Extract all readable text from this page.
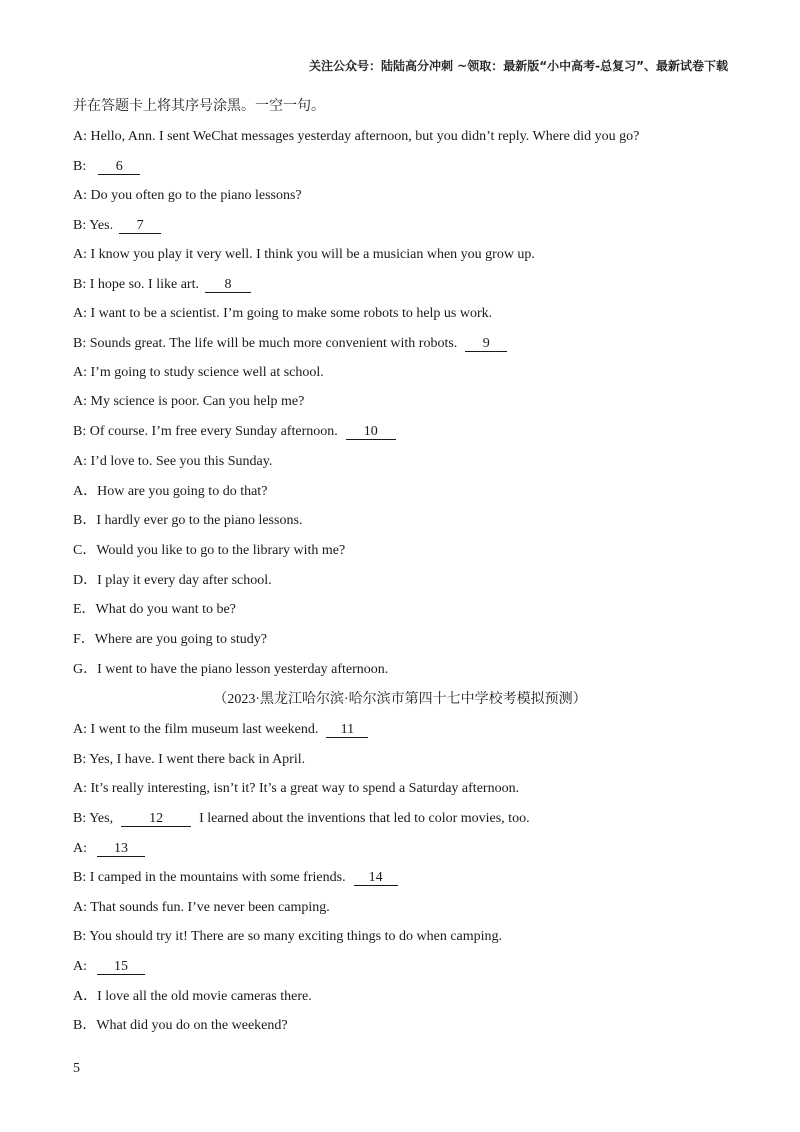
关注公众号：陆陆高分冲刺 ~领取：最新版“小中高考-总复习”、最新试卷下载
并在答题卡上将其序号涂黑。一空一句。
A: Hello, Ann. I sent WeChat messages yesterday afternoon, but you didn’t reply. Where did you go?
B: 6
A: Do you often go to the piano lessons?
B: Yes. 7
A: I know you play it very well. I think you will be a musician when you grow up.
B: I hope so. I like art. 8
A: I want to be a scientist. I’m going to make some robots to help us work.
B: Sounds great. The life will be much more convenient with robots. 9
A: I’m going to study science well at school.
A: My science is poor. Can you help me?
B: Of course. I’m free every Sunday afternoon. 10
A: I’d love to. See you this Sunday.
A．How are you going to do that?
B．I hardly ever go to the piano lessons.
C．Would you like to go to the library with me?
D．I play it every day after school.
E．What do you want to be?
F．Where are you going to study?
G．I went to have the piano lesson yesterday afternoon.
（2023·黑龙江哈尔滨·哈尔滨市第四十七中学校考模拟预测）
A: I went to the film museum last weekend. 11
B: Yes, I have. I went there back in April.
A: It’s really interesting, isn’t it? It’s a great way to spend a Saturday afternoon.
B: Yes,	12	I learned about the inventions that led to color movies, too.
A: 13
B: I camped in the mountains with some friends. 14
A: That sounds fun. I’ve never been camping.
B: You should try it! There are so many exciting things to do when camping.
A: 15
A．I love all the old movie cameras there.
B．What did you do on the weekend?
5
